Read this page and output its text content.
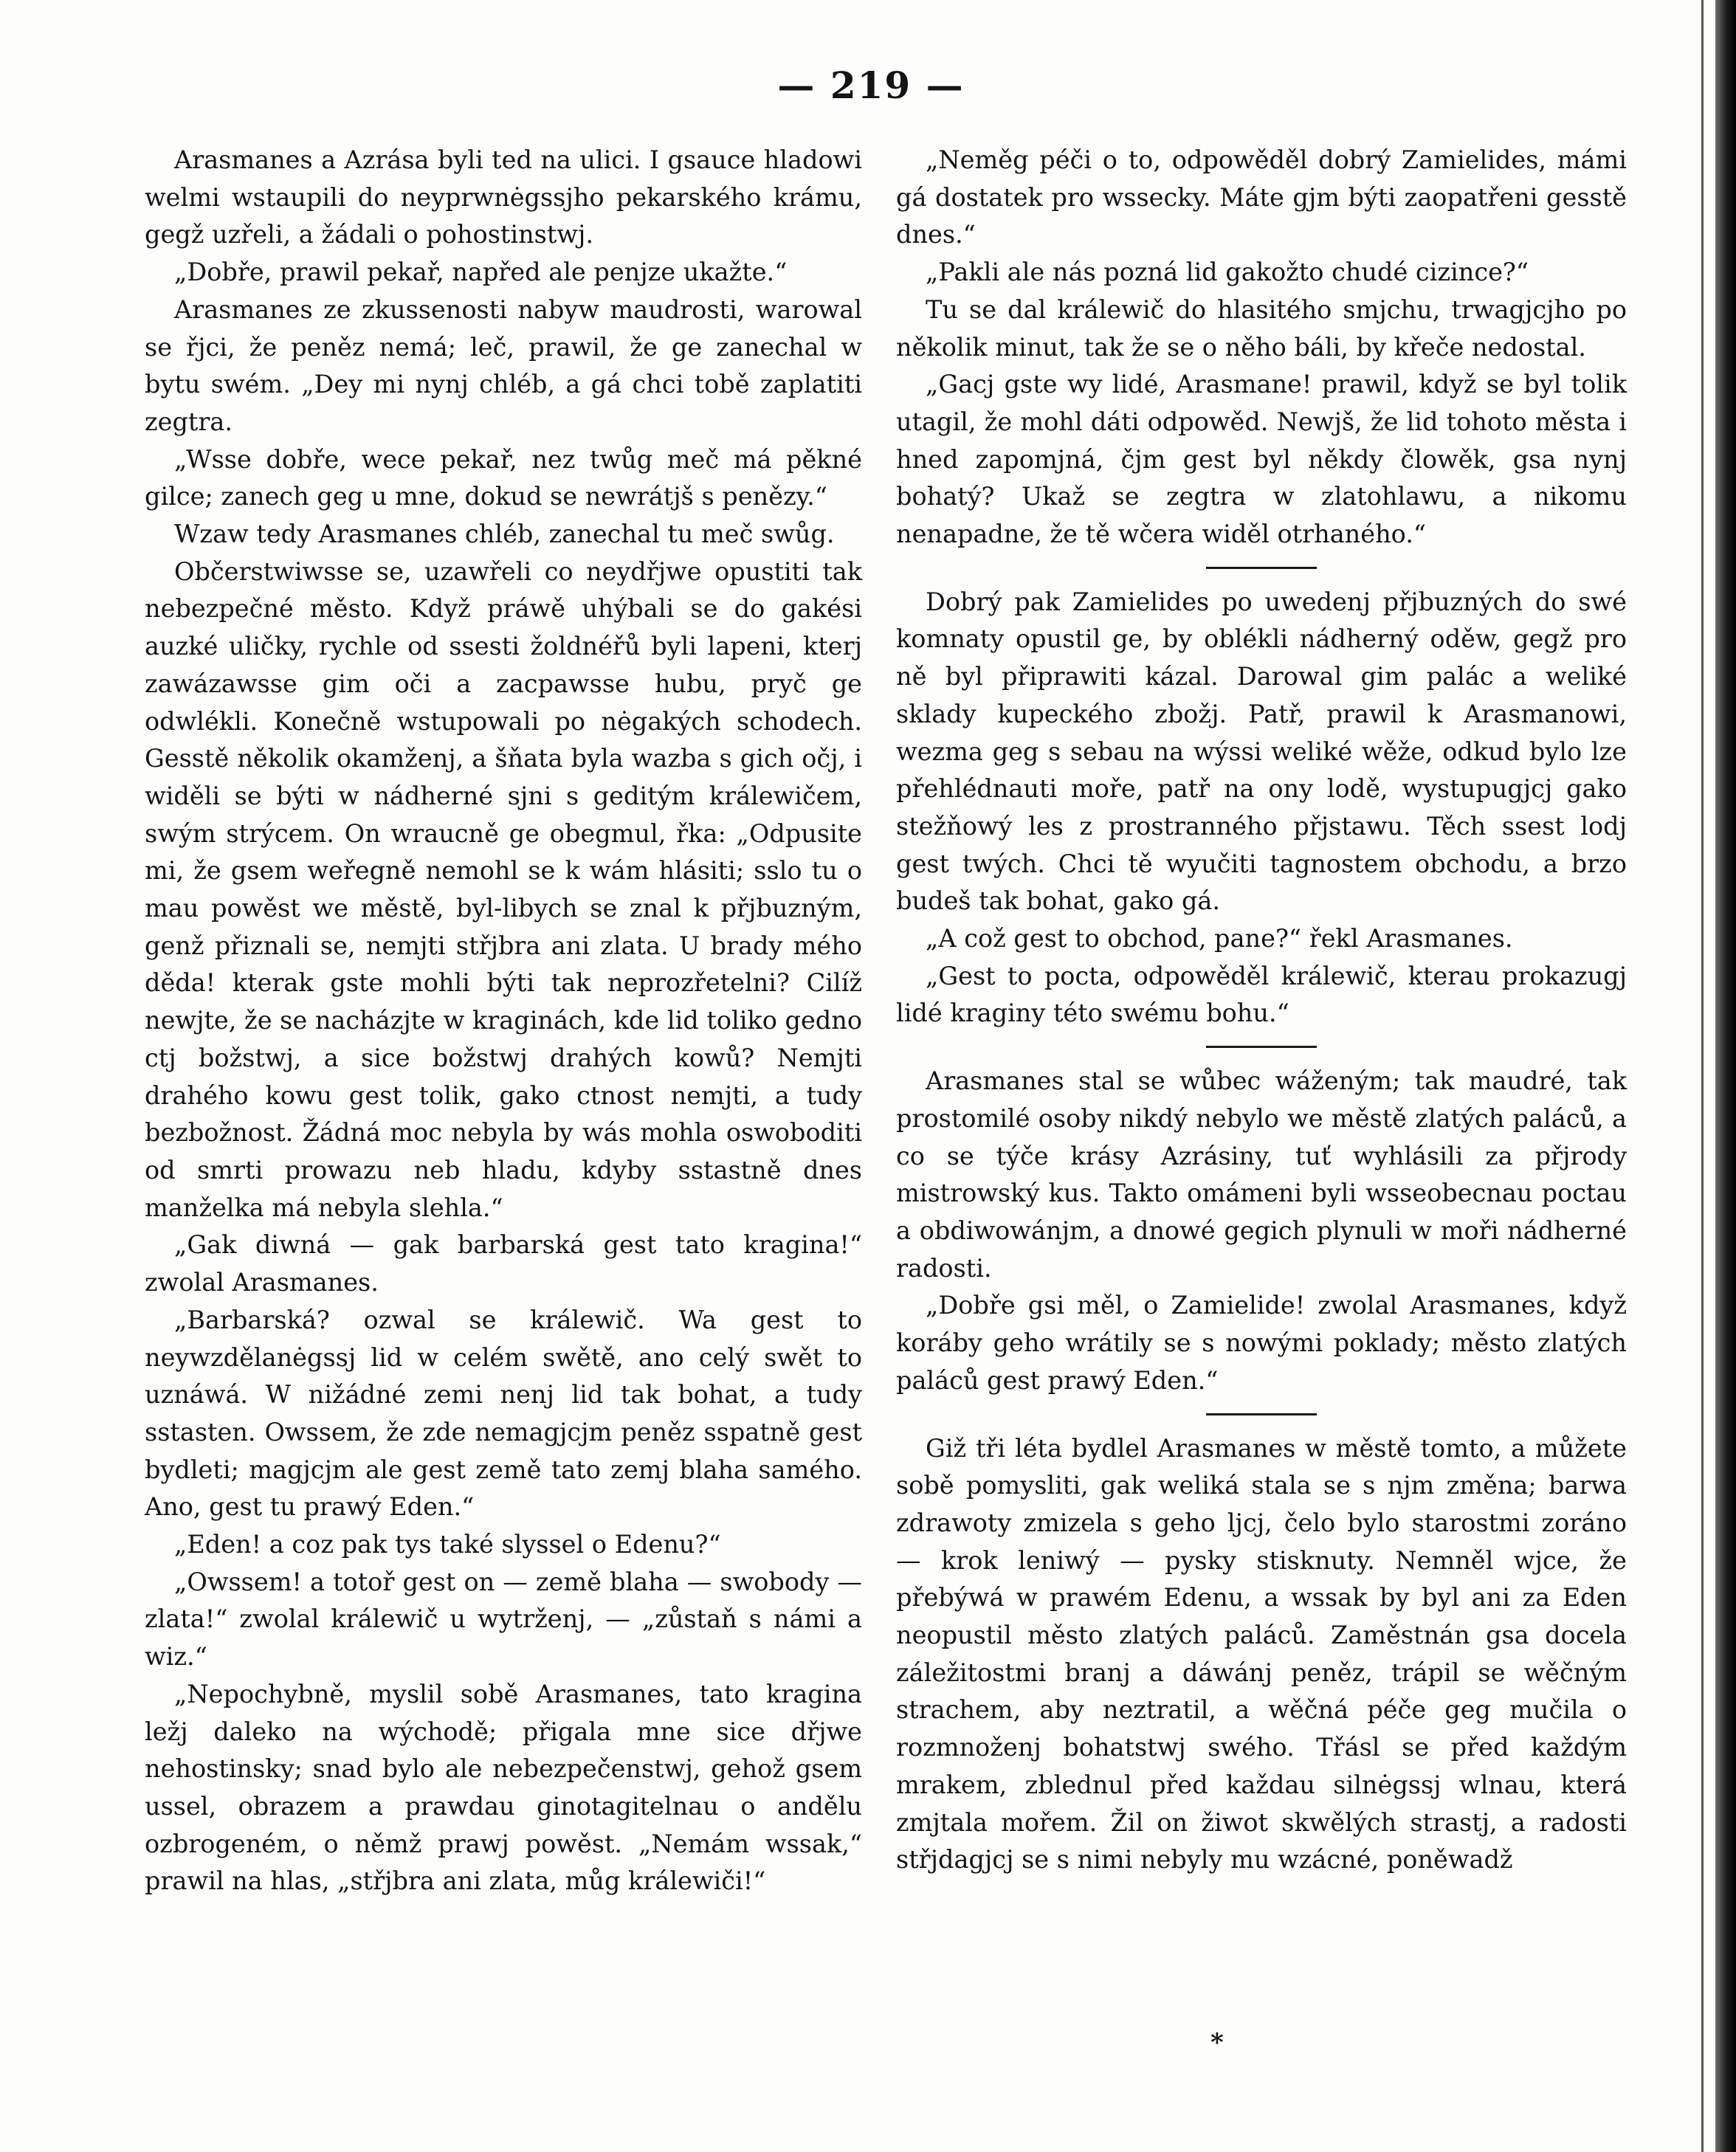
— 219 —

Arasmanes a Azrása byli ted na ulici. I gsauce hladowi welmi wstaupili do neyprwnėgssjho pekarského krámu, gegž uzřeli, a žádali o pohostinstwj.

„Dobře, prawil pekař, napřed ale penjze ukažte.“

Arasmanes ze zkussenosti nabyw maudrosti, warowal se řjci, že peněz nemá; leč, prawil, že ge zanechal w bytu swém. „Dey mi nynj chléb, a gá chci tobě zaplatiti zegtra.

„Wsse dobře, wece pekař, nez twůg meč má pěkné gilce; zanech geg u mne, dokud se newrátjš s penězy.“

Wzaw tedy Arasmanes chléb, zanechal tu meč swůg.

Občerstwiwsse se, uzawřeli co neydřjwe opustiti tak nebezpečné město. Když práwě uhýbali se do gakési auzké uličky, rychle od ssesti žoldnéřů byli lapeni, kterj zawázawsse gim oči a zacpawsse hubu, pryč ge odwlékli. Konečně wstupowali po nėgakých schodech. Gesstě několik okamženj, a šňata byla wazba s gich očj, i widěli se býti w nádherné sjni s geditým králewičem, swým strýcem. On wraucně ge obegmul, řka: „Odpusite mi, že gsem weřegně nemohl se k wám hlásiti; sslo tu o mau powěst we městě, byl-libych se znal k přjbuzným, genž přiznali se, nemjti střjbra ani zlata. U brady mého děda! kterak gste mohli býti tak neprozřetelni? Cilíž newjte, že se nacházjte w kraginách, kde lid toliko gedno ctj božstwj, a sice božstwj drahých kowů? Nemjti drahého kowu gest tolik, gako ctnost nemjti, a tudy bezbožnost. Žádná moc nebyla by wás mohla oswoboditi od smrti prowazu neb hladu, kdyby sstastně dnes manželka má nebyla slehla.“

„Gak diwná — gak barbarská gest tato kragina!“ zwolal Arasmanes.

„Barbarská? ozwal se králewič. Wa gest to neywzdělanėgssj lid w celém swětě, ano celý swět to uznáwá. W nižádné zemi nenj lid tak bohat, a tudy sstasten. Owssem, že zde nemagjcjm peněz sspatně gest bydleti; magjcjm ale gest země tato zemj blaha samého. Ano, gest tu prawý Eden.“

„Eden! a coz pak tys také slyssel o Edenu?“

„Owssem! a totoř gest on — země blaha — swobody — zlata!“ zwolal králewič u wytrženj, — „zůstaň s námi a wiz.“

„Nepochybně, myslil sobě Arasmanes, tato kragina ležj daleko na wýchodě; přigala mne sice dřjwe nehostinsky; snad bylo ale nebezpečenstwj, gehož gsem ussel, obrazem a prawdau ginotagitelnau o andělu ozbrogeném, o němž prawj powěst. „Nemám wssak,“ prawil na hlas, „střjbra ani zlata, můg králewiči!“

„Neměg péči o to, odpowěděl dobrý Zamielides, mámi gá dostatek pro wssecky. Máte gjm býti zaopatřeni gesstě dnes.“

„Pakli ale nás pozná lid gakožto chudé cizince?“

Tu se dal králewič do hlasitého smjchu, trwagjcjho po několik minut, tak že se o něho báli, by křeče nedostal.

„Gacj gste wy lidé, Arasmane! prawil, když se byl tolik utagil, že mohl dáti odpowěd. Newjš, že lid tohoto města i hned zapomjná, čjm gest byl někdy člowěk, gsa nynj bohatý? Ukaž se zegtra w zlatohlawu, a nikomu nenapadne, že tě wčera widěl otrhaného.“

Dobrý pak Zamielides po uwedenj přjbuzných do swé komnaty opustil ge, by oblékli nádherný oděw, gegž pro ně byl připrawiti kázal. Darowal gim palác a weliké sklady kupeckého zbožj. Patř, prawil k Arasmanowi, wezma geg s sebau na wýssi weliké wěže, odkud bylo lze přehlédnauti moře, patř na ony lodě, wystupugjcj gako stežňowý les z prostranného přjstawu. Těch ssest lodj gest twých. Chci tě wyučiti tagnostem obchodu, a brzo budeš tak bohat, gako gá.

„A což gest to obchod, pane?“ řekl Arasmanes.

„Gest to pocta, odpowěděl králewič, kterau prokazugj lidé kraginy této swému bohu.“

Arasmanes stal se wůbec wáženým; tak maudré, tak prostomilé osoby nikdý nebylo we městě zlatých paláců, a co se týče krásy Azrásiny, tuť wyhlásili za přjrody mistrowský kus. Takto omámeni byli wsseobecnau poctau a obdiwowánjm, a dnowé gegich plynuli w moři nádherné radosti.

„Dobře gsi měl, o Zamielide! zwolal Arasmanes, když koráby geho wrátily se s nowými poklady; město zlatých paláců gest prawý Eden.“

Giž tři léta bydlel Arasmanes w městě tomto, a můžete sobě pomysliti, gak weliká stala se s njm změna; barwa zdrawoty zmizela s geho ljcj, čelo bylo starostmi zoráno — krok leniwý — pysky stisknuty. Nemněl wjce, že přebýwá w prawém Edenu, a wssak by byl ani za Eden neopustil město zlatých paláců. Zaměstnán gsa docela záležitostmi branj a dáwánj peněz, trápil se wěčným strachem, aby neztratil, a wěčná péče geg mučila o rozmnoženj bohatstwj swého. Třásl se před každým mrakem, zblednul před každau silnėgssj wlnau, která zmjtala mořem. Žil on žiwot skwělých strastj, a radosti střjdagjcj se s nimi nebyly mu wzácné, poněwadž

*
